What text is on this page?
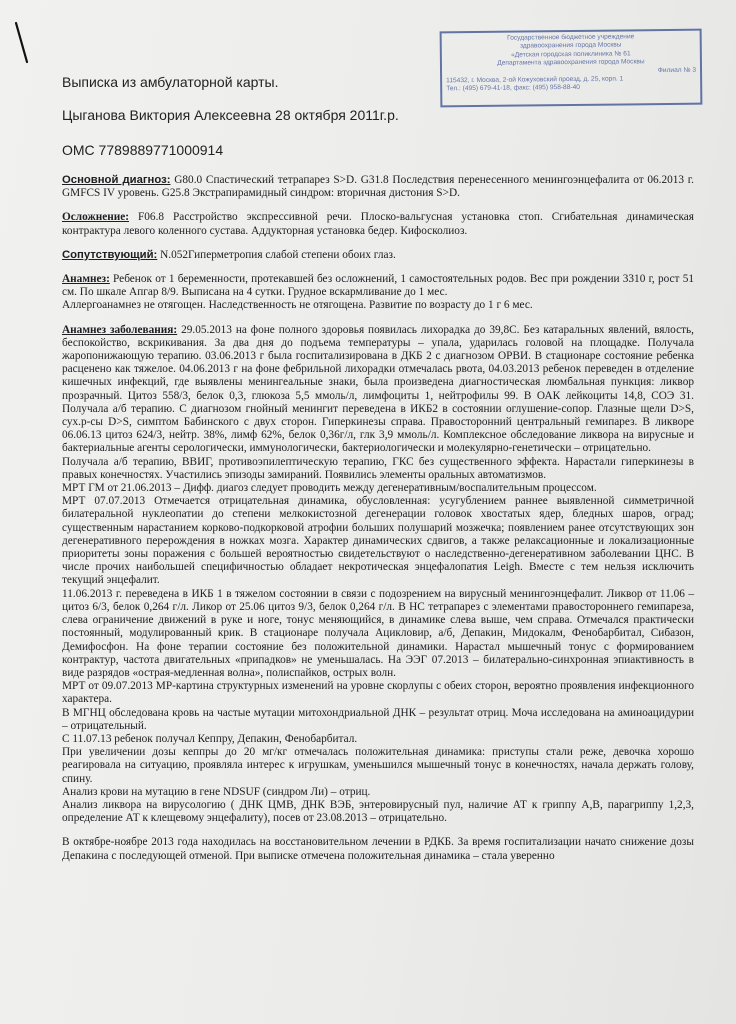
Государственное бюджетное учреждение
здравоохранения города Москвы
«Детская городская поликлиника № 61
Департамента здравоохранения города Москвы
Филиал № 3
115432, г. Москва, 2-ой Кожуховский проезд, д. 25, корп. 1
Тел.: (495) 679-41-18, факс: (495) 958-88-40
Выписка из амбулаторной карты.
Цыганова Виктория Алексеевна 28 октября 2011г.р.
ОМС 7789889771000914

Основной диагноз: G80.0 Спастический тетрапарез S>D. G31.8 Последствия перенесенного менингоэнцефалита от 06.2013 г. GMFCS IV уровень. G25.8 Экстрапирамидный синдром: вторичная дистония S>D.

Осложнение: F06.8 Расстройство экспрессивной речи. Плоско-вальгусная установка стоп. Сгибательная динамическая контрактура левого коленного сустава. Аддукторная установка бедер. Кифосколиоз.

Сопутствующий: N.052Гиперметропия слабой степени обоих глаз.

Анамнез: Ребенок от 1 беременности, протекавшей без осложнений, 1 самостоятельных родов. Вес при рождении 3310 г, рост 51 см. По шкале Апгар 8/9. Выписана на 4 сутки. Грудное вскармливание до 1 мес.

Аллергоанамнез не отягощен. Наследственность не отягощена. Развитие по возрасту до 1 г 6 мес.

Анамнез заболевания: 29.05.2013 на фоне полного здоровья появилась лихорадка до 39,8С. Без катаральных явлений, вялость, беспокойство, вскрикивания. За два дня до подъема температуры – упала, ударилась головой на площадке. Получала жаропонижающую терапию. 03.06.2013 г была госпитализирована в ДКБ 2 с диагнозом ОРВИ. В стационаре состояние ребенка расценено как тяжелое. 04.06.2013 г на фоне фебрильной лихорадки отмечалась рвота, 04.03.2013 ребенок переведен в отделение кишечных инфекций, где выявлены менингеальные знаки, была произведена диагностическая люмбальная пункция: ликвор прозрачный. Цитоз 558/3, белок 0,3, глюкоза 5,5 ммоль/л, лимфоциты 1, нейтрофилы 99. В ОАК лейкоциты 14,8, СОЭ 31. Получала а/б терапию. С диагнозом гнойный менингит переведена в ИКБ2 в состоянии оглушение-сопор. Глазные щели D>S, сух.р-сы D>S, симптом Бабинского с двух сторон. Гиперкинезы справа. Правосторонний центральный гемипарез. В ликворе 06.06.13 цитоз 624/3, нейтр. 38%, лимф 62%, белок 0,36г/л, глк 3,9 ммоль/л. Комплексное обследование ликвора на вирусные и бактериальные агенты серологически, иммунологически, бактериологически и молекулярно-генетически – отрицательно.

Получала а/б терапию, ВВИГ, противоэпилептическую терапию, ГКС без существенного эффекта. Нарастали гиперкинезы в правых конечностях. Участились эпизоды замираний. Появились элементы оральных автоматизмов.

МРТ ГМ от 21.06.2013 – Дифф. диагоз следует проводить между дегенеративным/воспалительным процессом.

МРТ 07.07.2013 Отмечается отрицательная динамика, обусловленная: усугублением раннее выявленной симметричной билатеральной нуклеопатии до степени мелкокистозной дегенерации головок хвостатых ядер, бледных шаров, оград; существенным нарастанием корково-подкорковой атрофии больших полушарий мозжечка; появлением ранее отсутствующих зон дегенеративного перерождения в ножках мозга. Характер динамических сдвигов, а также релаксационные и локализационные приоритеты зоны поражения с большей вероятностью свидетельствуют о наследственно-дегенеративном заболевании ЦНС. В числе прочих наибольшей специфичностью обладает некротическая энцефалопатия Leigh. Вместе с тем нельзя исключить текущий энцефалит.

11.06.2013 г. переведена в ИКБ 1 в тяжелом состоянии в связи с подозрением на вирусный менингоэнцефалит. Ликвор от 11.06 – цитоз 6/3, белок 0,264 г/л. Ликор от 25.06 цитоз 9/3, белок 0,264 г/л. В НС тетрапарез с элементами правостороннего гемипареза, слева ограничение движений в руке и ноге, тонус меняющийся, в динамике слева выше, чем справа. Отмечался практически постоянный, модулированный крик. В стационаре получала Ацикловир, а/б, Депакин, Мидокалм, Фенобарбитал, Сибазон, Демифосфон. На фоне терапии состояние без положительной динамики. Нарастал мышечный тонус с формированием контрактур, частота двигательных «припадков» не уменьшалась. На ЭЭГ 07.2013 – билатерально-синхронная эпиактивность в виде разрядов «острая-медленная волна», полиспайков, острых волн.

МРТ от 09.07.2013 МР-картина структурных изменений на уровне скорлупы с обеих сторон, вероятно проявления инфекционного характера.

В МГНЦ обследована кровь на частые мутации митохондриальной ДНК – результат отриц. Моча исследована на аминоацидурии – отрицательный.

С 11.07.13 ребенок получал Кеппру, Депакин, Фенобарбитал.

При увеличении дозы кеппры до 20 мг/кг отмечалась положительная динамика: приступы стали реже, девочка хорошо реагировала на ситуацию, проявляла интерес к игрушкам, уменьшился мышечный тонус в конечностях, начала держать голову, спину.

Анализ крови на мутацию в гене NDSUF (синдром Ли) – отриц.

Анализ ликвора на вирусологию ( ДНК ЦМВ, ДНК ВЭБ, энтеровирусный пул, наличие АТ к гриппу А,В, парагриппу 1,2,3, определение АТ к клещевому энцефалиту), посев от 23.08.2013 – отрицательно.

В октябре-ноябре 2013 года находилась на восстановительном лечении в РДКБ. За время госпитализации начато снижение дозы Депакина с последующей отменой. При выписке отмечена положительная динамика – стала уверенно
